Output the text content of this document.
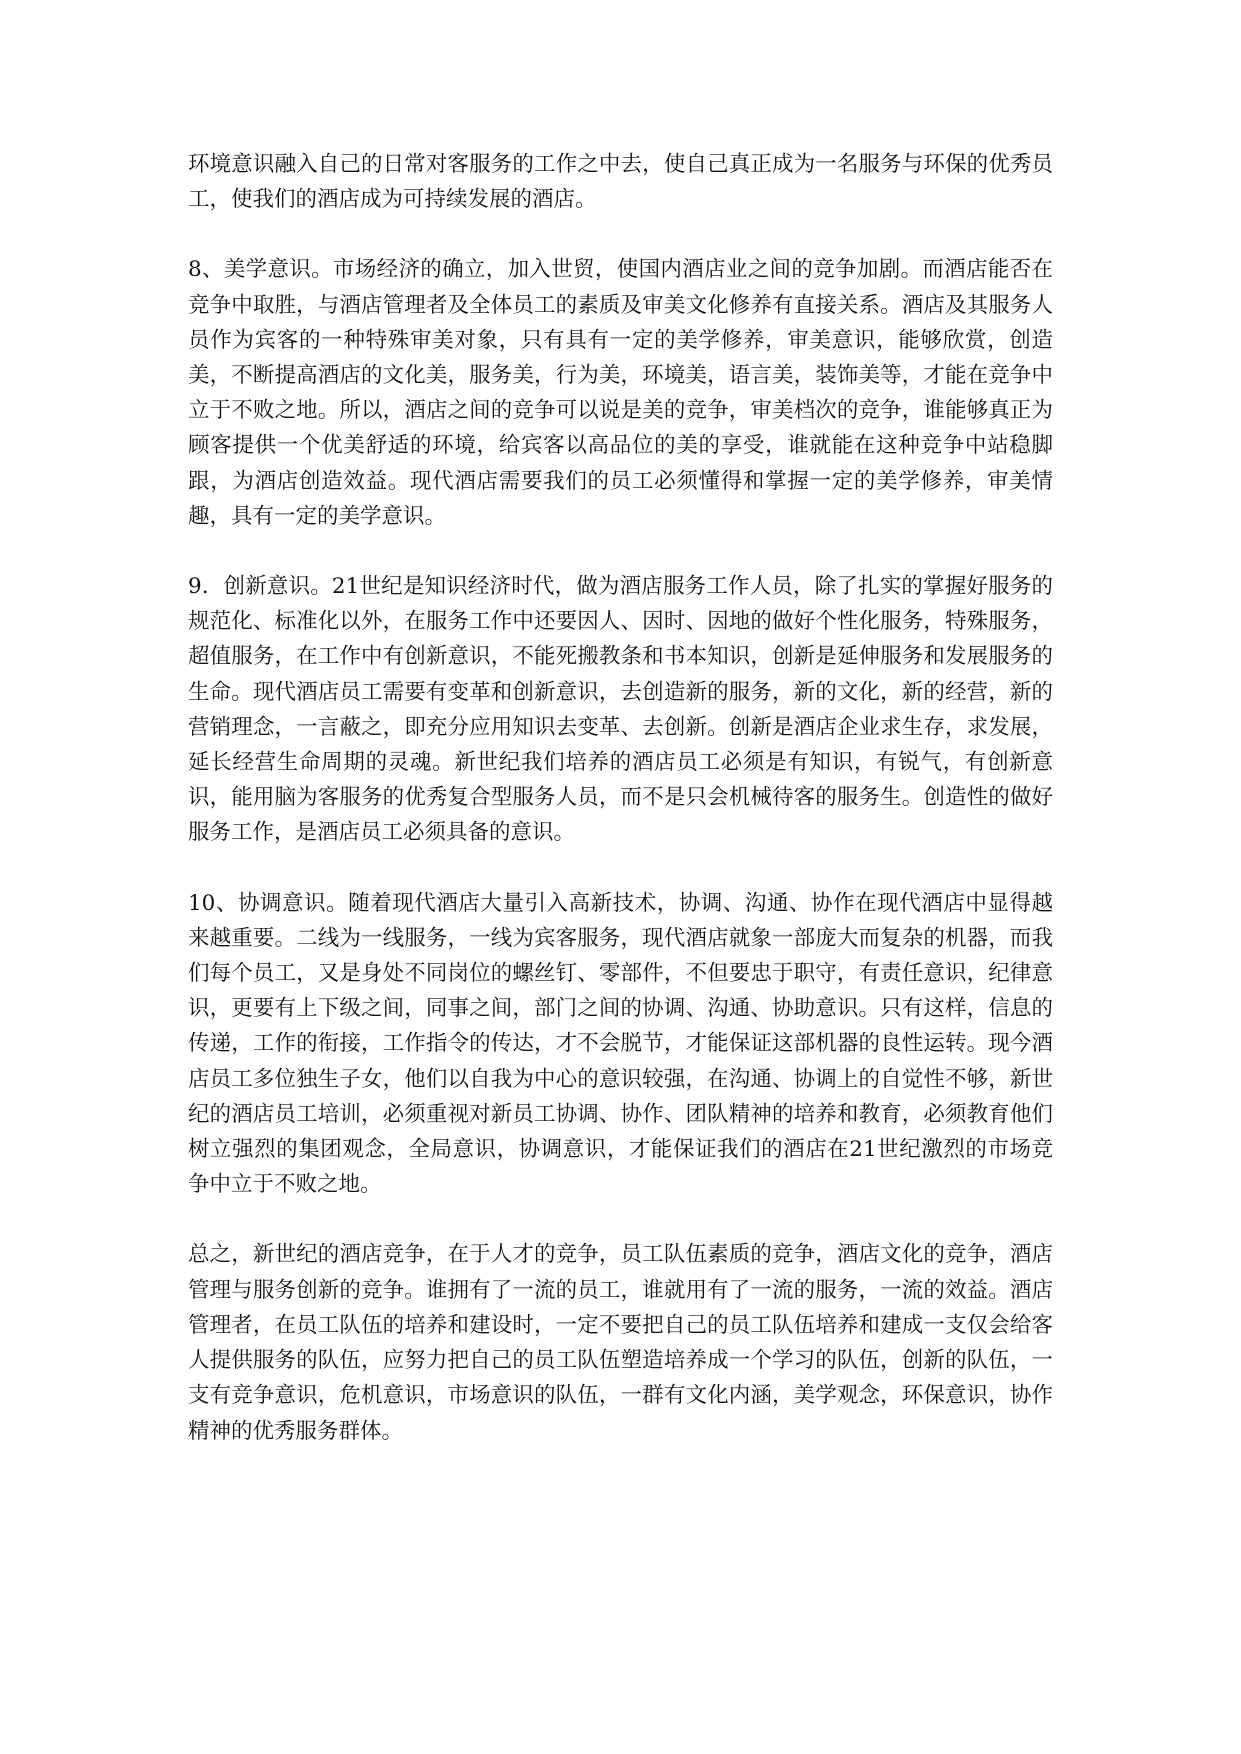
环境意识融入自己的日常对客服务的工作之中去，使自己真正成为一名服务与环保的优秀员工，使我们的酒店成为可持续发展的酒店。

8、美学意识。市场经济的确立，加入世贸，使国内酒店业之间的竞争加剧。而酒店能否在竞争中取胜，与酒店管理者及全体员工的素质及审美文化修养有直接关系。酒店及其服务人员作为宾客的一种特殊审美对象，只有具有一定的美学修养，审美意识，能够欣赏，创造美，不断提高酒店的文化美，服务美，行为美，环境美，语言美，装饰美等，才能在竞争中立于不败之地。所以，酒店之间的竞争可以说是美的竞争，审美档次的竞争，谁能够真正为顾客提供一个优美舒适的环境，给宾客以高品位的美的享受，谁就能在这种竞争中站稳脚跟，为酒店创造效益。现代酒店需要我们的员工必须懂得和掌握一定的美学修养，审美情趣，具有一定的美学意识。

9．创新意识。21世纪是知识经济时代，做为酒店服务工作人员，除了扎实的掌握好服务的规范化、标准化以外，在服务工作中还要因人、因时、因地的做好个性化服务，特殊服务，超值服务，在工作中有创新意识，不能死搬教条和书本知识，创新是延伸服务和发展服务的生命。现代酒店员工需要有变革和创新意识，去创造新的服务，新的文化，新的经营，新的营销理念，一言蔽之，即充分应用知识去变革、去创新。创新是酒店企业求生存，求发展，延长经营生命周期的灵魂。新世纪我们培养的酒店员工必须是有知识，有锐气，有创新意识，能用脑为客服务的优秀复合型服务人员，而不是只会机械待客的服务生。创造性的做好服务工作，是酒店员工必须具备的意识。

10、协调意识。随着现代酒店大量引入高新技术，协调、沟通、协作在现代酒店中显得越来越重要。二线为一线服务，一线为宾客服务，现代酒店就象一部庞大而复杂的机器，而我们每个员工，又是身处不同岗位的螺丝钉、零部件，不但要忠于职守，有责任意识，纪律意识，更要有上下级之间，同事之间，部门之间的协调、沟通、协助意识。只有这样，信息的传递，工作的衔接，工作指令的传达，才不会脱节，才能保证这部机器的良性运转。现今酒店员工多位独生子女，他们以自我为中心的意识较强，在沟通、协调上的自觉性不够，新世纪的酒店员工培训，必须重视对新员工协调、协作、团队精神的培养和教育，必须教育他们树立强烈的集团观念，全局意识，协调意识，才能保证我们的酒店在21世纪激烈的市场竞争中立于不败之地。

总之，新世纪的酒店竞争，在于人才的竞争，员工队伍素质的竞争，酒店文化的竞争，酒店管理与服务创新的竞争。谁拥有了一流的员工，谁就用有了一流的服务，一流的效益。酒店管理者，在员工队伍的培养和建设时，一定不要把自己的员工队伍培养和建成一支仅会给客人提供服务的队伍，应努力把自己的员工队伍塑造培养成一个学习的队伍，创新的队伍，一支有竞争意识，危机意识，市场意识的队伍，一群有文化内涵，美学观念，环保意识，协作精神的优秀服务群体。
